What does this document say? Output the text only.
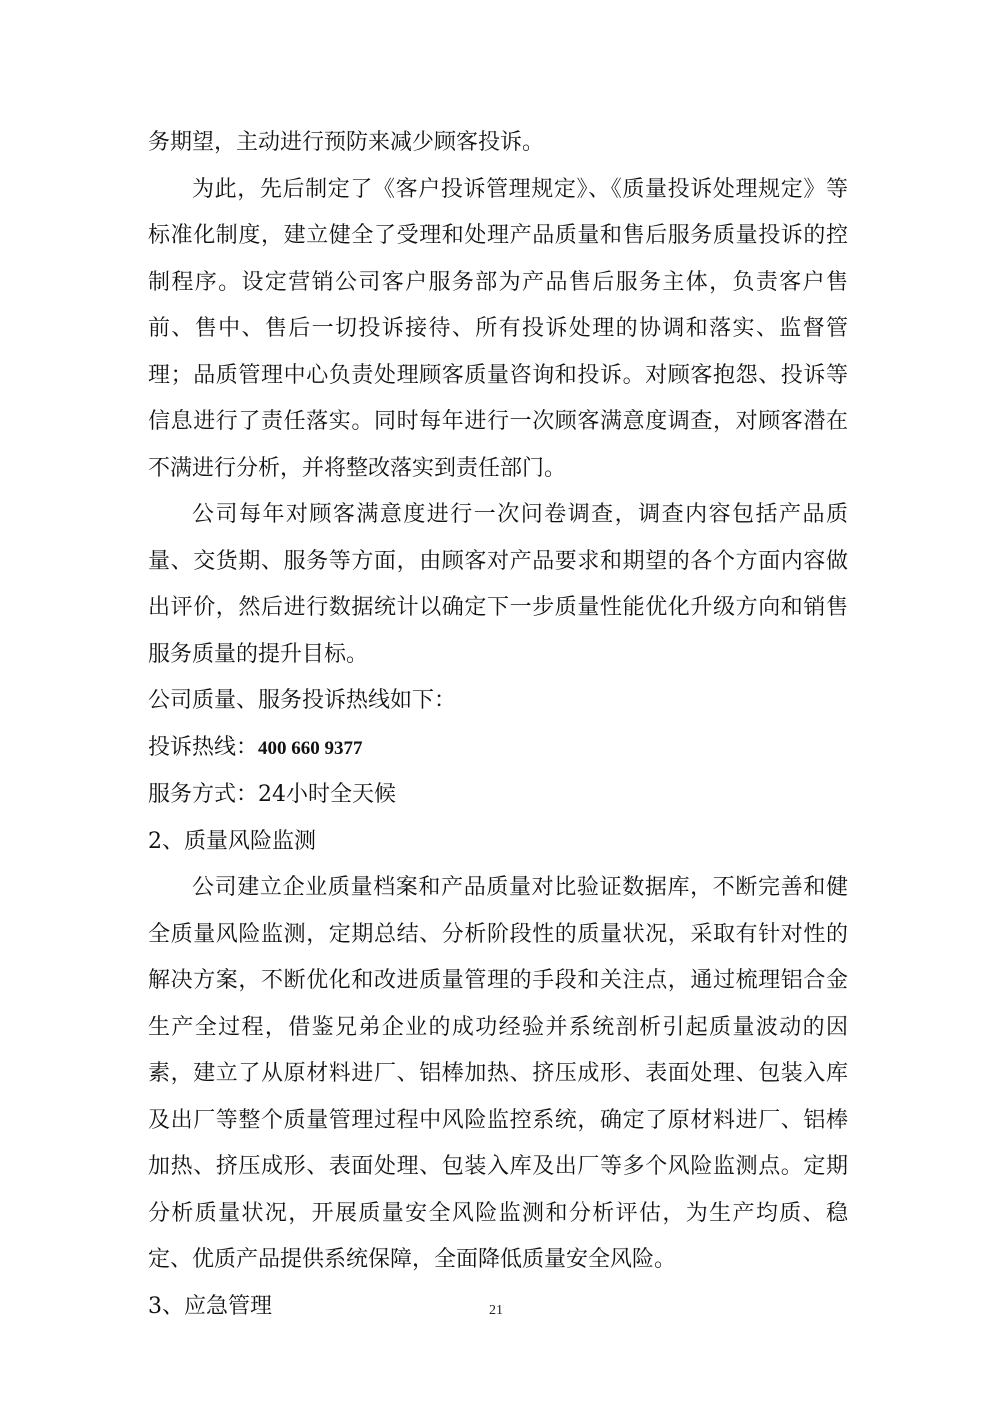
务期望，主动进行预防来减少顾客投诉。

为此，先后制定了《客户投诉管理规定》、《质量投诉处理规定》等标准化制度，建立健全了受理和处理产品质量和售后服务质量投诉的控制程序。设定营销公司客户服务部为产品售后服务主体，负责客户售前、售中、售后一切投诉接待、所有投诉处理的协调和落实、监督管理；品质管理中心负责处理顾客质量咨询和投诉。对顾客抱怨、投诉等信息进行了责任落实。同时每年进行一次顾客满意度调查，对顾客潜在不满进行分析，并将整改落实到责任部门。

公司每年对顾客满意度进行一次问卷调查，调查内容包括产品质量、交货期、服务等方面，由顾客对产品要求和期望的各个方面内容做出评价，然后进行数据统计以确定下一步质量性能优化升级方向和销售服务质量的提升目标。

公司质量、服务投诉热线如下：

投诉热线：400 660 9377

服务方式：24小时全天候

2、质量风险监测

公司建立企业质量档案和产品质量对比验证数据库，不断完善和健全质量风险监测，定期总结、分析阶段性的质量状况，采取有针对性的解决方案，不断优化和改进质量管理的手段和关注点，通过梳理铝合金生产全过程，借鉴兄弟企业的成功经验并系统剖析引起质量波动的因素，建立了从原材料进厂、铝棒加热、挤压成形、表面处理、包装入库及出厂等整个质量管理过程中风险监控系统，确定了原材料进厂、铝棒加热、挤压成形、表面处理、包装入库及出厂等多个风险监测点。定期分析质量状况，开展质量安全风险监测和分析评估，为生产均质、稳定、优质产品提供系统保障，全面降低质量安全风险。

3、应急管理	21
